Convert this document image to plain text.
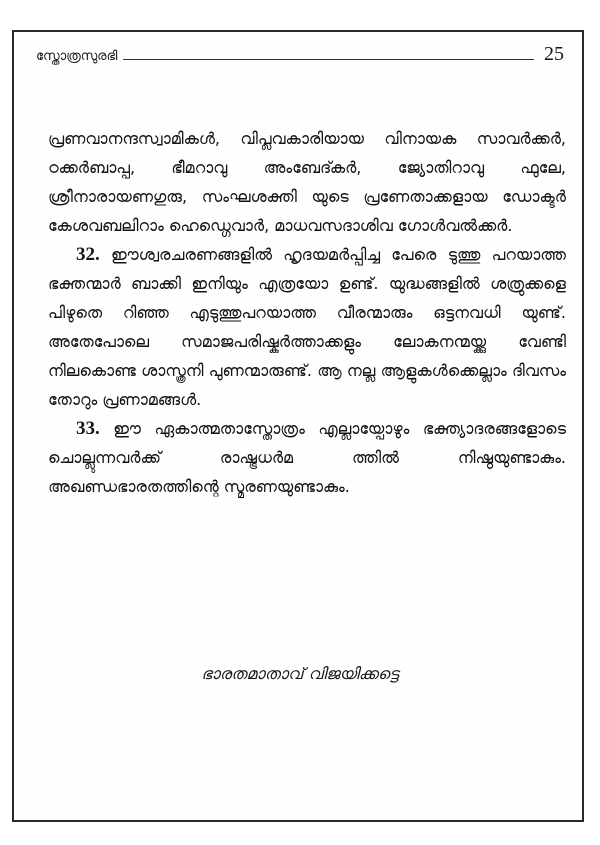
സ്തോത്രസുരഭി	25

പ്രണവാനന്ദസ്വാമികൾ, വിപ്ലവകാരിയായ വിനായക സാവർക്കർ, ഠക്കർബാപ്പ, ഭീമറാവു അംബേദ്കർ, ജ്യോതിറാവു ഫുലേ, ശ്രീനാരായണഗുരു, സംഘശക്തി യുടെ പ്രണേതാക്കളായ ഡോക്ടർ കേശവബലിറാം ഹെഡ്ഗെവാർ, മാധവസദാശിവ ഗോൾവൽക്കർ.

32. ഈശ്വരചരണങ്ങളിൽ ഹൃദയമർപ്പിച്ച പേരെ ടുത്തു പറയാത്ത ഭക്തന്മാർ ബാക്കി ഇനിയും എത്രയോ ഉണ്ട്. യുദ്ധങ്ങളിൽ ശത്രുക്കളെ പിഴുതെ റിഞ്ഞ എടുത്തുപറയാത്ത വീരന്മാരും ഒട്ടനവധി യുണ്ട്. അതേപോലെ സമാജപരിഷ്കർത്താക്കളും ലോകനന്മയ്ക്കു വേണ്ടി നിലകൊണ്ട ശാസ്ത്രനി പുണന്മാരുണ്ട്. ആ നല്ല ആളുകൾക്കെല്ലാം ദിവസം തോറും പ്രണാമങ്ങൾ.

33. ഈ ഏകാത്മതാസ്തോത്രം എല്ലായ്പോഴും ഭക്ത്യാദരങ്ങളോടെ ചൊല്ലുന്നവർക്ക് രാഷ്ട്രധർമ ത്തിൽ നിഷ്ഠയുണ്ടാകും. അഖണ്ഡഭാരതത്തിന്റെ സ്മരണയുണ്ടാകും.

ഭാരതമാതാവ് വിജയിക്കട്ടെ
